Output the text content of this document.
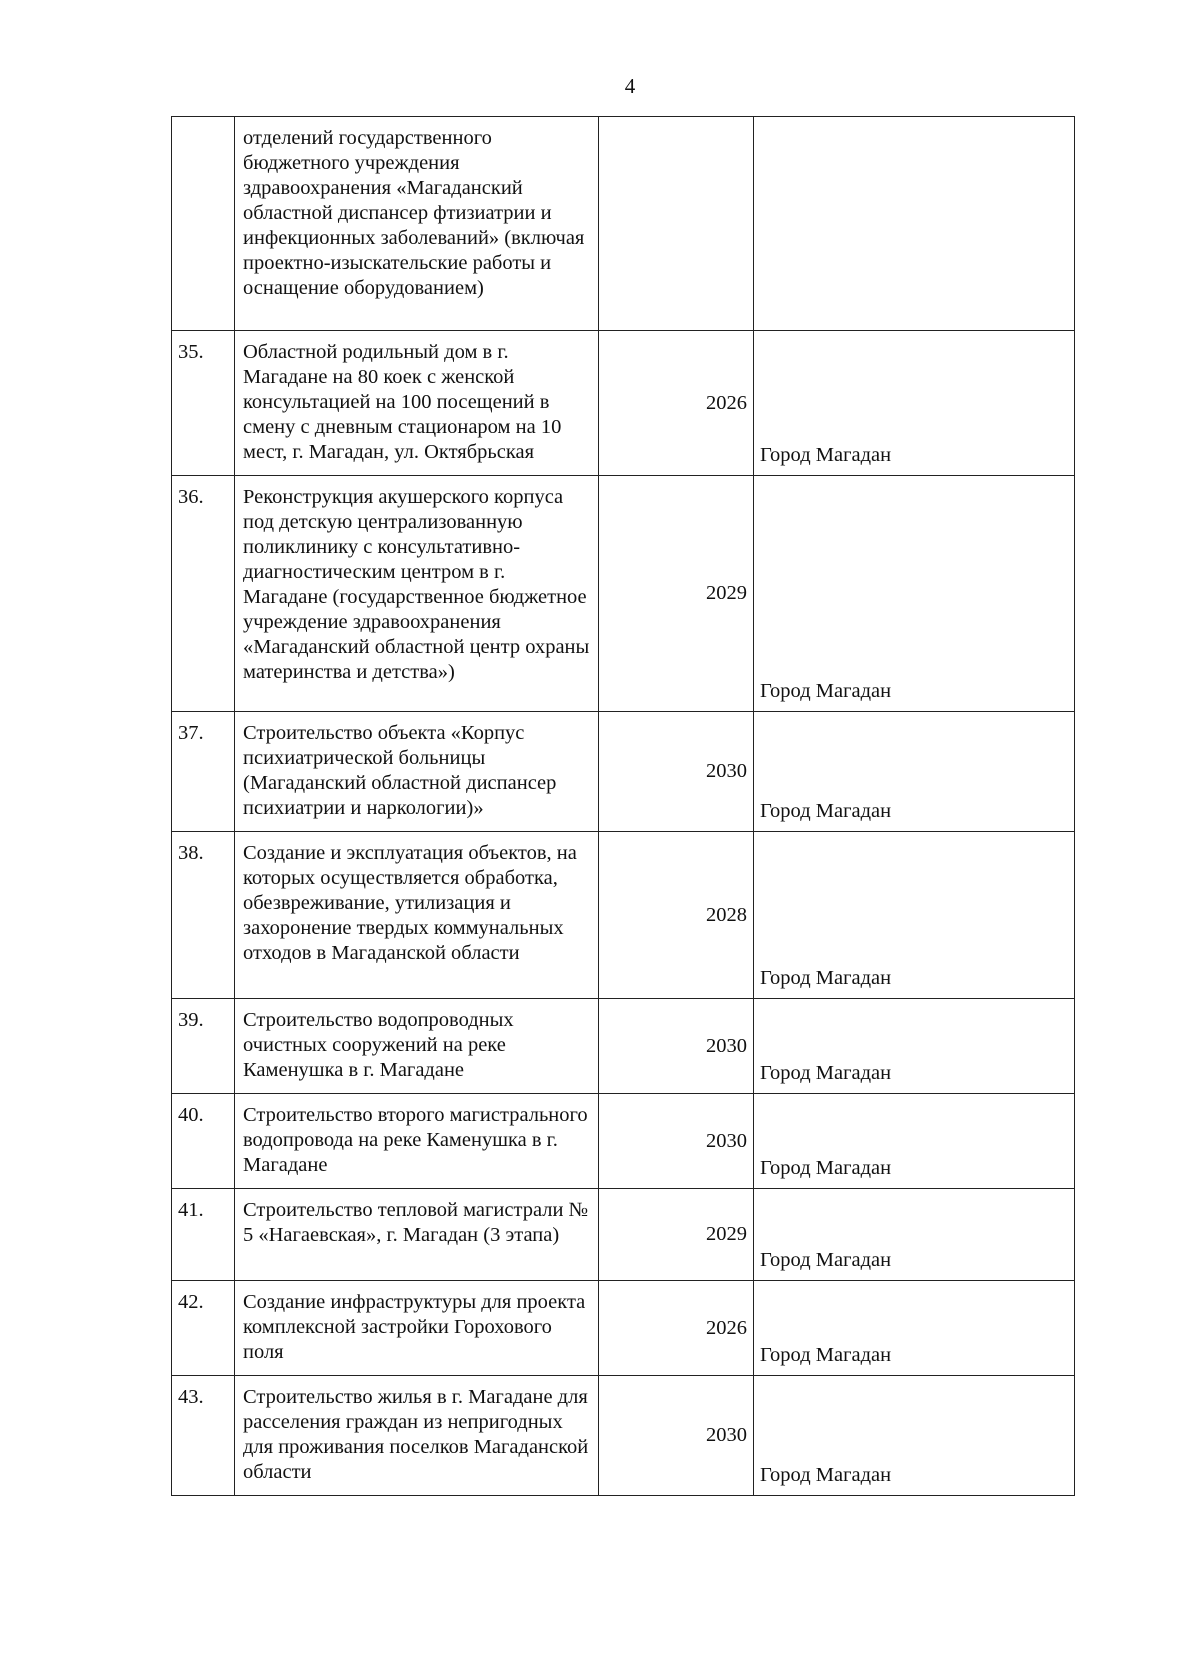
4
	отделений государственного бюджетного учреждения здравоохранения «Магаданский областной диспансер фтизиатрии и инфекционных заболеваний» (включая проектно-изыскательские работы и оснащение оборудованием)		
35.	Областной родильный дом в г. Магадане на 80 коек с женской консультацией на 100 посещений в смену с дневным стационаром на 10 мест, г. Магадан, ул. Октябрьская	2026	Город Магадан
36.	Реконструкция акушерского корпуса под детскую централизованную поликлинику с консультативно-диагностическим центром в г. Магадане (государственное бюджетное учреждение здравоохранения «Магаданский областной центр охраны материнства и детства»)	2029	Город Магадан
37.	Строительство объекта «Корпус психиатрической больницы (Магаданский областной диспансер психиатрии и наркологии)»	2030	Город Магадан
38.	Создание и эксплуатация объектов, на которых осуществляется обработка, обезвреживание, утилизация и захоронение твердых коммунальных отходов в Магаданской области	2028	Город Магадан
39.	Строительство водопроводных очистных сооружений на реке Каменушка в г. Магадане	2030	Город Магадан
40.	Строительство второго магистрального водопровода на реке Каменушка в г. Магадане	2030	Город Магадан
41.	Строительство тепловой магистрали № 5 «Нагаевская», г. Магадан (3 этапа)	2029	Город Магадан
42.	Создание инфраструктуры для проекта комплексной застройки Горохового поля	2026	Город Магадан
43.	Строительство жилья в г. Магадане для расселения граждан из непригодных для проживания поселков Магаданской области	2030	Город Магадан
